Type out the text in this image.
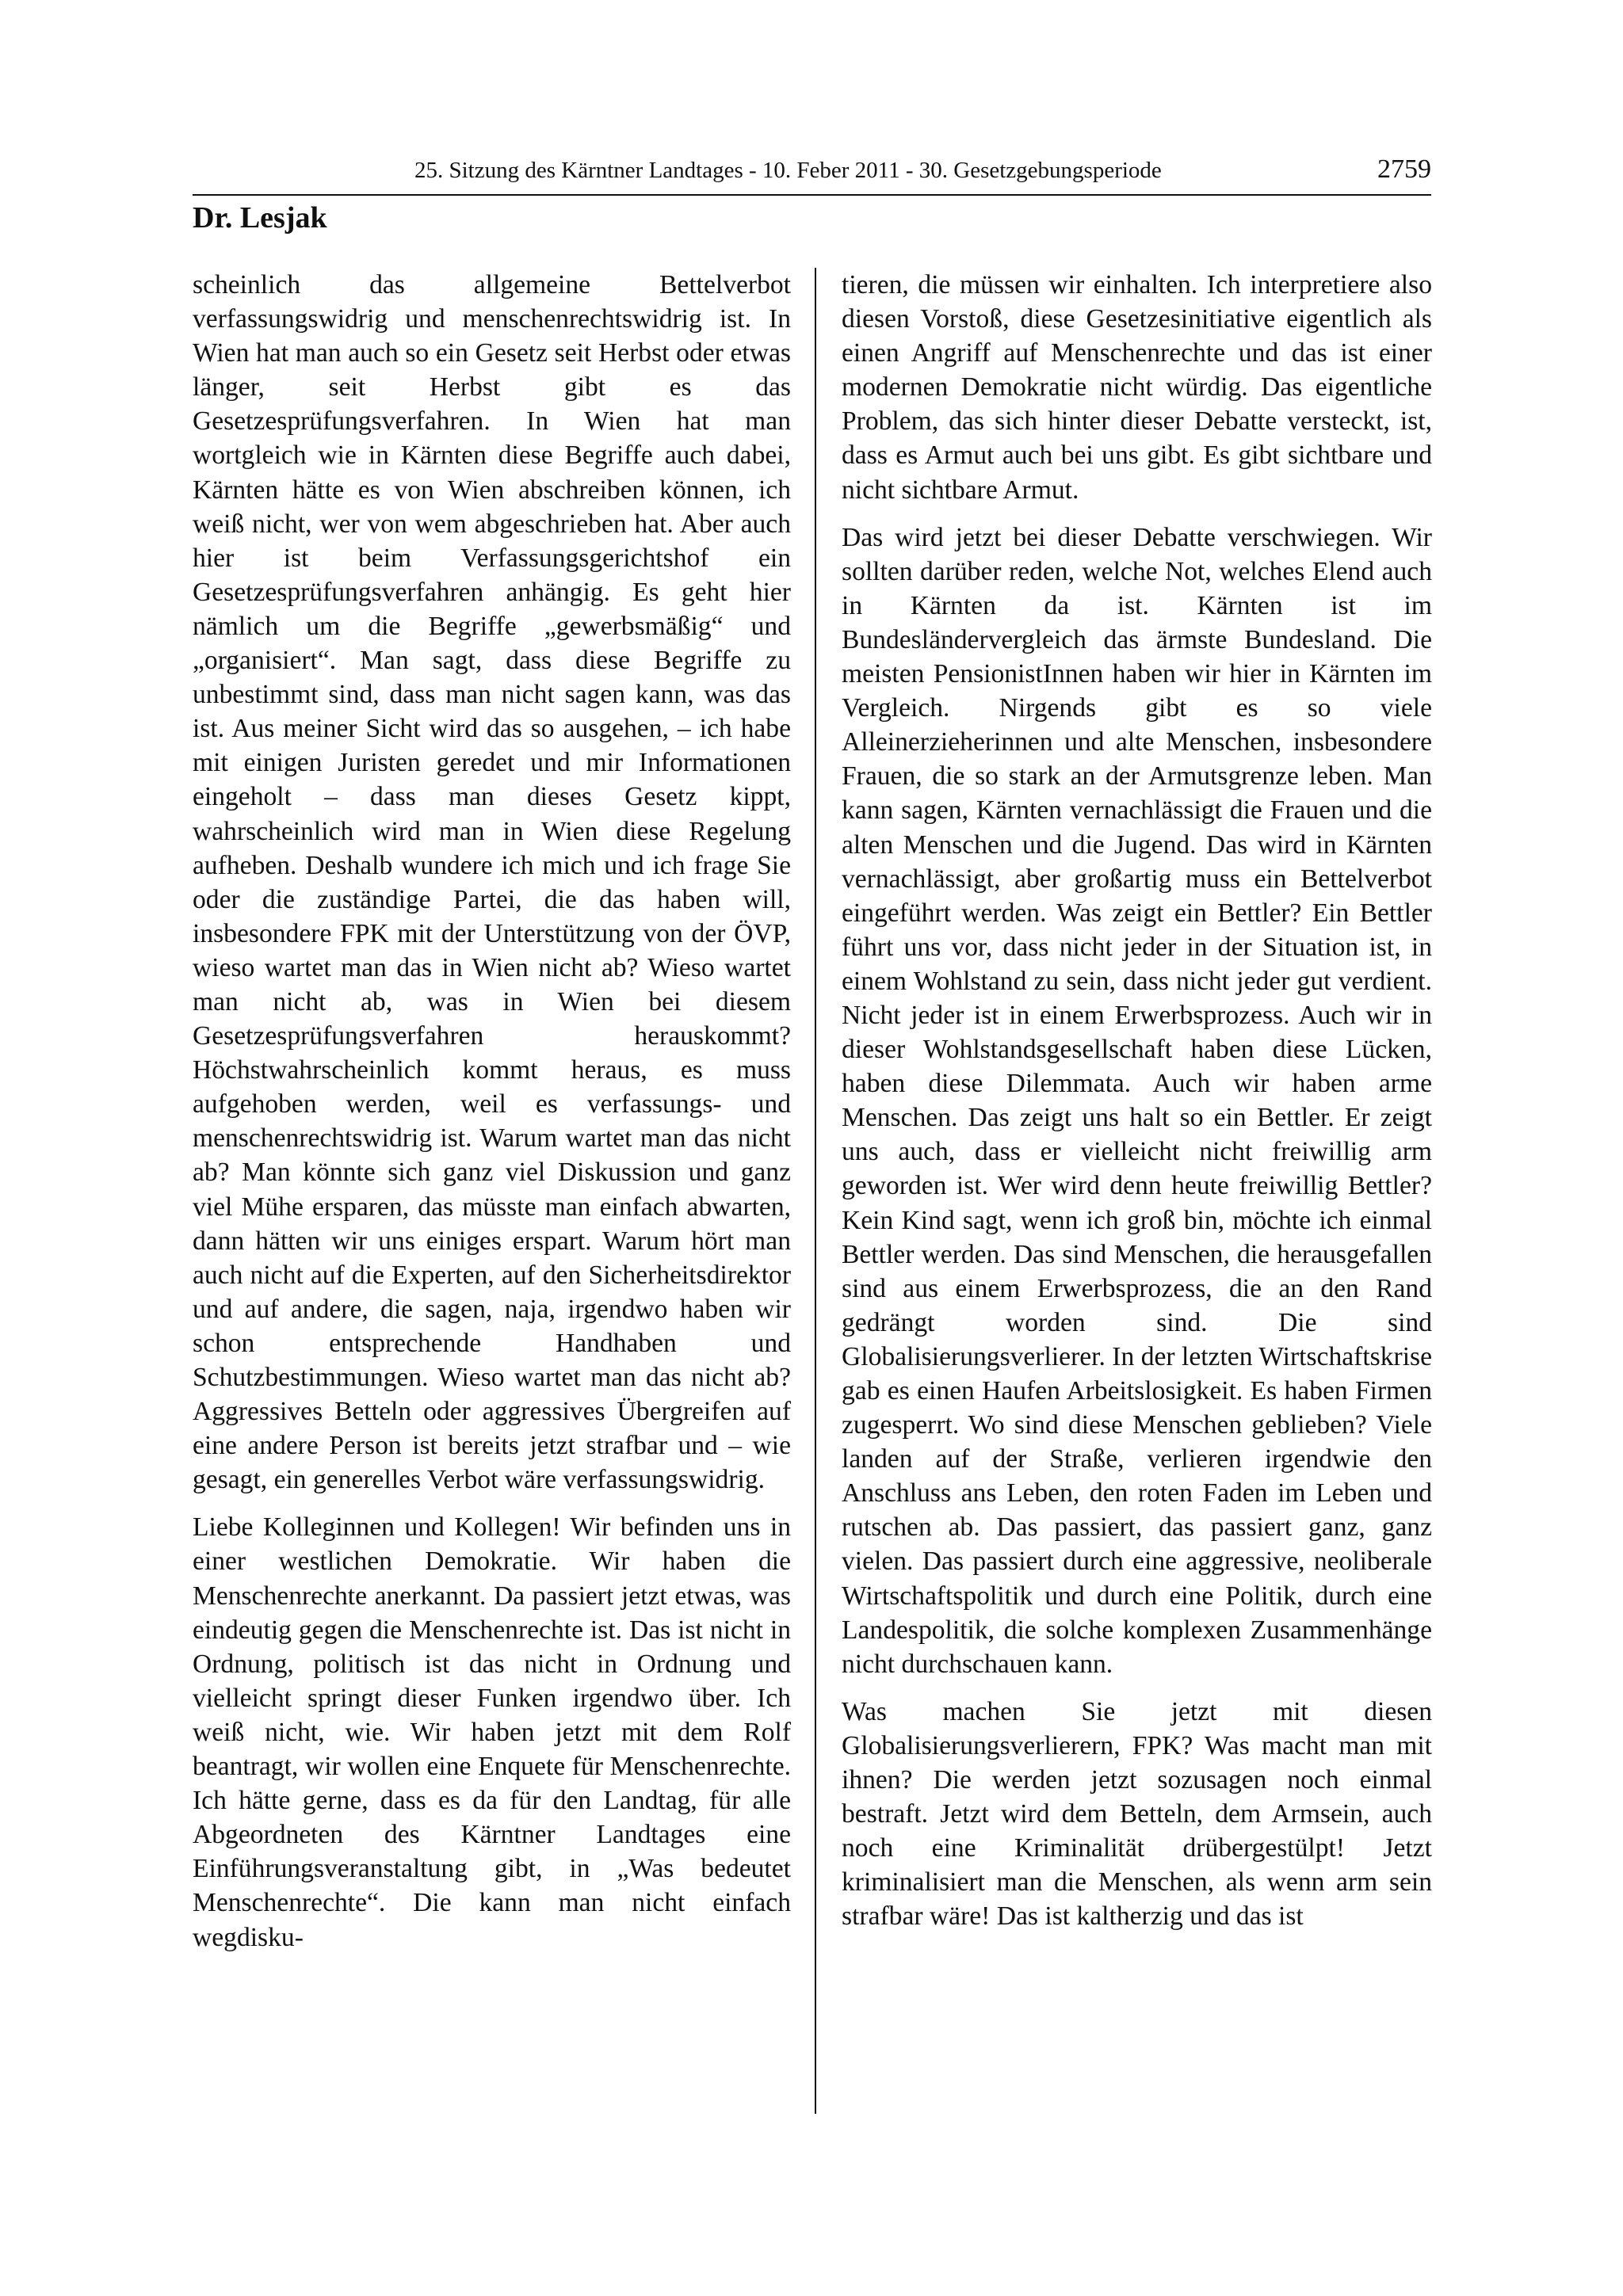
25. Sitzung des Kärntner Landtages - 10. Feber 2011 - 30. Gesetzgebungsperiode	2759
Dr. Lesjak

scheinlich das allgemeine Bettelverbot verfassungswidrig und menschenrechtswidrig ist. In Wien hat man auch so ein Gesetz seit Herbst oder etwas länger, seit Herbst gibt es das Gesetzesprüfungsverfahren. In Wien hat man wortgleich wie in Kärnten diese Begriffe auch dabei, Kärnten hätte es von Wien abschreiben können, ich weiß nicht, wer von wem abgeschrieben hat. Aber auch hier ist beim Verfassungsgerichtshof ein Gesetzesprüfungsverfahren anhängig. Es geht hier nämlich um die Begriffe „gewerbsmäßig“ und „organisiert“. Man sagt, dass diese Begriffe zu unbestimmt sind, dass man nicht sagen kann, was das ist. Aus meiner Sicht wird das so ausgehen, – ich habe mit einigen Juristen geredet und mir Informationen eingeholt – dass man dieses Gesetz kippt, wahrscheinlich wird man in Wien diese Regelung aufheben. Deshalb wundere ich mich und ich frage Sie oder die zuständige Partei, die das haben will, insbesondere FPK mit der Unterstützung von der ÖVP, wieso wartet man das in Wien nicht ab? Wieso wartet man nicht ab, was in Wien bei diesem Gesetzesprüfungsverfahren herauskommt? Höchstwahrscheinlich kommt heraus, es muss aufgehoben werden, weil es verfassungs- und menschenrechtswidrig ist. Warum wartet man das nicht ab? Man könnte sich ganz viel Diskussion und ganz viel Mühe ersparen, das müsste man einfach abwarten, dann hätten wir uns einiges erspart. Warum hört man auch nicht auf die Experten, auf den Sicherheitsdirektor und auf andere, die sagen, naja, irgendwo haben wir schon entsprechende Handhaben und Schutzbestimmungen. Wieso wartet man das nicht ab? Aggressives Betteln oder aggressives Übergreifen auf eine andere Person ist bereits jetzt strafbar und – wie gesagt, ein generelles Verbot wäre verfassungswidrig.

Liebe Kolleginnen und Kollegen! Wir befinden uns in einer westlichen Demokratie. Wir haben die Menschenrechte anerkannt. Da passiert jetzt etwas, was eindeutig gegen die Menschenrechte ist. Das ist nicht in Ordnung, politisch ist das nicht in Ordnung und vielleicht springt dieser Funken irgendwo über. Ich weiß nicht, wie. Wir haben jetzt mit dem Rolf beantragt, wir wollen eine Enquete für Menschenrechte. Ich hätte gerne, dass es da für den Landtag, für alle Abgeordneten des Kärntner Landtages eine Einführungsveranstaltung gibt, in „Was bedeutet Menschenrechte“. Die kann man nicht einfach wegdisku-

tieren, die müssen wir einhalten. Ich interpretiere also diesen Vorstoß, diese Gesetzesinitiative eigentlich als einen Angriff auf Menschenrechte und das ist einer modernen Demokratie nicht würdig. Das eigentliche Problem, das sich hinter dieser Debatte versteckt, ist, dass es Armut auch bei uns gibt. Es gibt sichtbare und nicht sichtbare Armut.

Das wird jetzt bei dieser Debatte verschwiegen. Wir sollten darüber reden, welche Not, welches Elend auch in Kärnten da ist. Kärnten ist im Bundesländervergleich das ärmste Bundesland. Die meisten PensionistInnen haben wir hier in Kärnten im Vergleich. Nirgends gibt es so viele Alleinerzieherinnen und alte Menschen, insbesondere Frauen, die so stark an der Armutsgrenze leben. Man kann sagen, Kärnten vernachlässigt die Frauen und die alten Menschen und die Jugend. Das wird in Kärnten vernachlässigt, aber großartig muss ein Bettelverbot eingeführt werden. Was zeigt ein Bettler? Ein Bettler führt uns vor, dass nicht jeder in der Situation ist, in einem Wohlstand zu sein, dass nicht jeder gut verdient. Nicht jeder ist in einem Erwerbsprozess. Auch wir in dieser Wohlstandsgesellschaft haben diese Lücken, haben diese Dilemmata. Auch wir haben arme Menschen. Das zeigt uns halt so ein Bettler. Er zeigt uns auch, dass er vielleicht nicht freiwillig arm geworden ist. Wer wird denn heute freiwillig Bettler? Kein Kind sagt, wenn ich groß bin, möchte ich einmal Bettler werden. Das sind Menschen, die herausgefallen sind aus einem Erwerbsprozess, die an den Rand gedrängt worden sind. Die sind Globalisierungsverlierer. In der letzten Wirtschaftskrise gab es einen Haufen Arbeitslosigkeit. Es haben Firmen zugesperrt. Wo sind diese Menschen geblieben? Viele landen auf der Straße, verlieren irgendwie den Anschluss ans Leben, den roten Faden im Leben und rutschen ab. Das passiert, das passiert ganz, ganz vielen. Das passiert durch eine aggressive, neoliberale Wirtschaftspolitik und durch eine Politik, durch eine Landespolitik, die solche komplexen Zusammenhänge nicht durchschauen kann.

Was machen Sie jetzt mit diesen Globalisierungsverlierern, FPK? Was macht man mit ihnen? Die werden jetzt sozusagen noch einmal bestraft. Jetzt wird dem Betteln, dem Armsein, auch noch eine Kriminalität drübergestülpt! Jetzt kriminalisiert man die Menschen, als wenn arm sein strafbar wäre! Das ist kaltherzig und das ist
